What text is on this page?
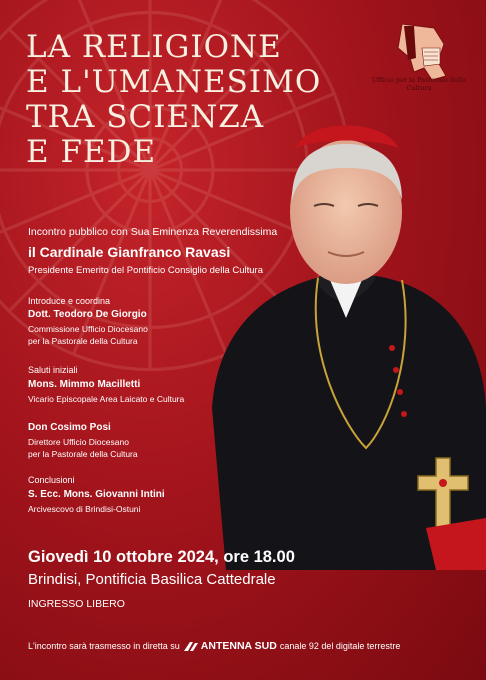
LA RELIGIONE
E L'UMANESIMO
TRA SCIENZA
E FEDE
Ufficio per la Pastorale della Cultura
Incontro pubblico con Sua Eminenza Reverendissima
il Cardinale Gianfranco Ravasi
Presidente Emerito del Pontificio Consiglio della Cultura
Introduce e coordina
Dott. Teodoro De Giorgio
Commissione Ufficio Diocesano
per la Pastorale della Cultura
Saluti iniziali
Mons. Mimmo Macilletti
Vicario Episcopale Area Laicato e Cultura
Don Cosimo Posi
Direttore Ufficio Diocesano
per la Pastorale della Cultura
Conclusioni
S. Ecc. Mons. Giovanni Intini
Arcivescovo di Brindisi-Ostuni
Giovedì 10 ottobre 2024, ore 18.00
Brindisi, Pontificia Basilica Cattedrale
INGRESSO LIBERO
L'incontro sarà trasmesso in diretta su ANTENNA SUD canale 92 del digitale terrestre
